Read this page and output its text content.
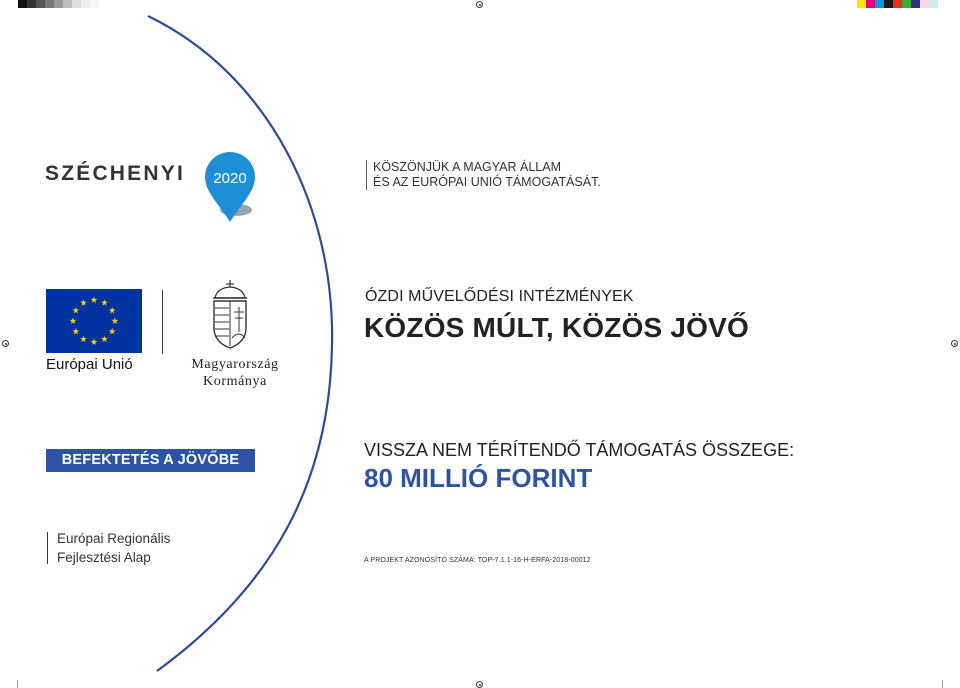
SZÉCHENYI 2020
Európai Unió	Magyarország
Kormánya
BEFEKTETÉS A JÖVŐBE
Európai Regionális
Fejlesztési Alap
KÖSZÖNJÜK A MAGYAR ÁLLAM
ÉS AZ EURÓPAI UNIÓ TÁMOGATÁSÁT.
ÓZDI MŰVELŐDÉSI INTÉZMÉNYEK
KÖZÖS MÚLT, KÖZÖS JÖVŐ
VISSZA NEM TÉRÍTENDŐ TÁMOGATÁS ÖSSZEGE:
80 MILLIÓ FORINT
A PROJEKT AZONOSÍTÓ SZÁMA: TOP-7.1.1-16-H-ERFA-2018-00012
